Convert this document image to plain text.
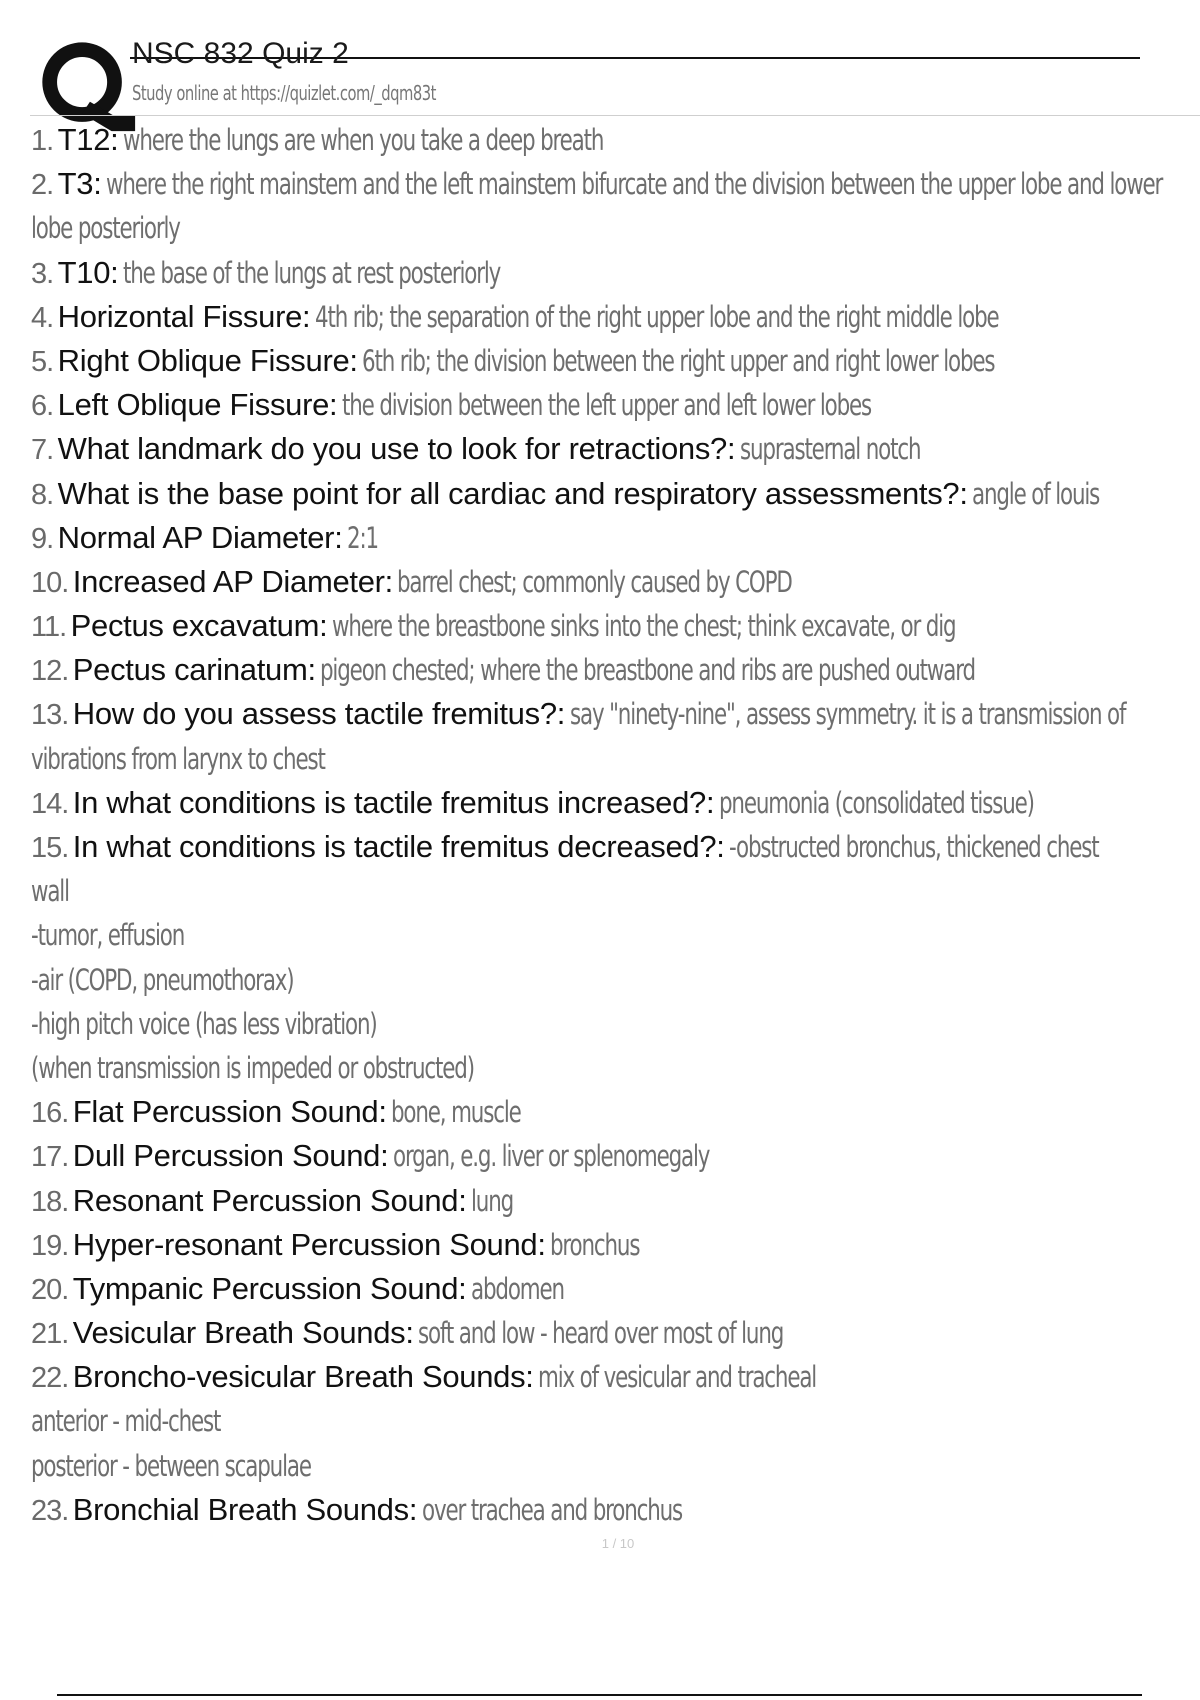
NSC 832 Quiz 2
Study online at https://quizlet.com/_dqm83t
1. T12: where the lungs are when you take a deep breath
2. T3: where the right mainstem and the left mainstem bifurcate and the division between the upper lobe and lower
lobe posteriorly
3. T10: the base of the lungs at rest posteriorly
4. Horizontal Fissure: 4th rib; the separation of the right upper lobe and the right middle lobe
5. Right Oblique Fissure: 6th rib; the division between the right upper and right lower lobes
6. Left Oblique Fissure: the division between the left upper and left lower lobes
7. What landmark do you use to look for retractions?: suprasternal notch
8. What is the base point for all cardiac and respiratory assessments?: angle of louis
9. Normal AP Diameter: 2:1
10. Increased AP Diameter: barrel chest; commonly caused by COPD
11. Pectus excavatum: where the breastbone sinks into the chest; think excavate, or dig
12. Pectus carinatum: pigeon chested; where the breastbone and ribs are pushed outward
13. How do you assess tactile fremitus?: say "ninety-nine", assess symmetry. it is a transmission of
vibrations from larynx to chest
14. In what conditions is tactile fremitus increased?: pneumonia (consolidated tissue)
15. In what conditions is tactile fremitus decreased?: -obstructed bronchus, thickened chest
wall
-tumor, effusion
-air (COPD, pneumothorax)
-high pitch voice (has less vibration)
(when transmission is impeded or obstructed)
16. Flat Percussion Sound: bone, muscle
17. Dull Percussion Sound: organ, e.g. liver or splenomegaly
18. Resonant Percussion Sound: lung
19. Hyper-resonant Percussion Sound: bronchus
20. Tympanic Percussion Sound: abdomen
21. Vesicular Breath Sounds: soft and low - heard over most of lung
22. Broncho-vesicular Breath Sounds: mix of vesicular and tracheal
anterior - mid-chest
posterior - between scapulae
23. Bronchial Breath Sounds: over trachea and bronchus
1 / 10
